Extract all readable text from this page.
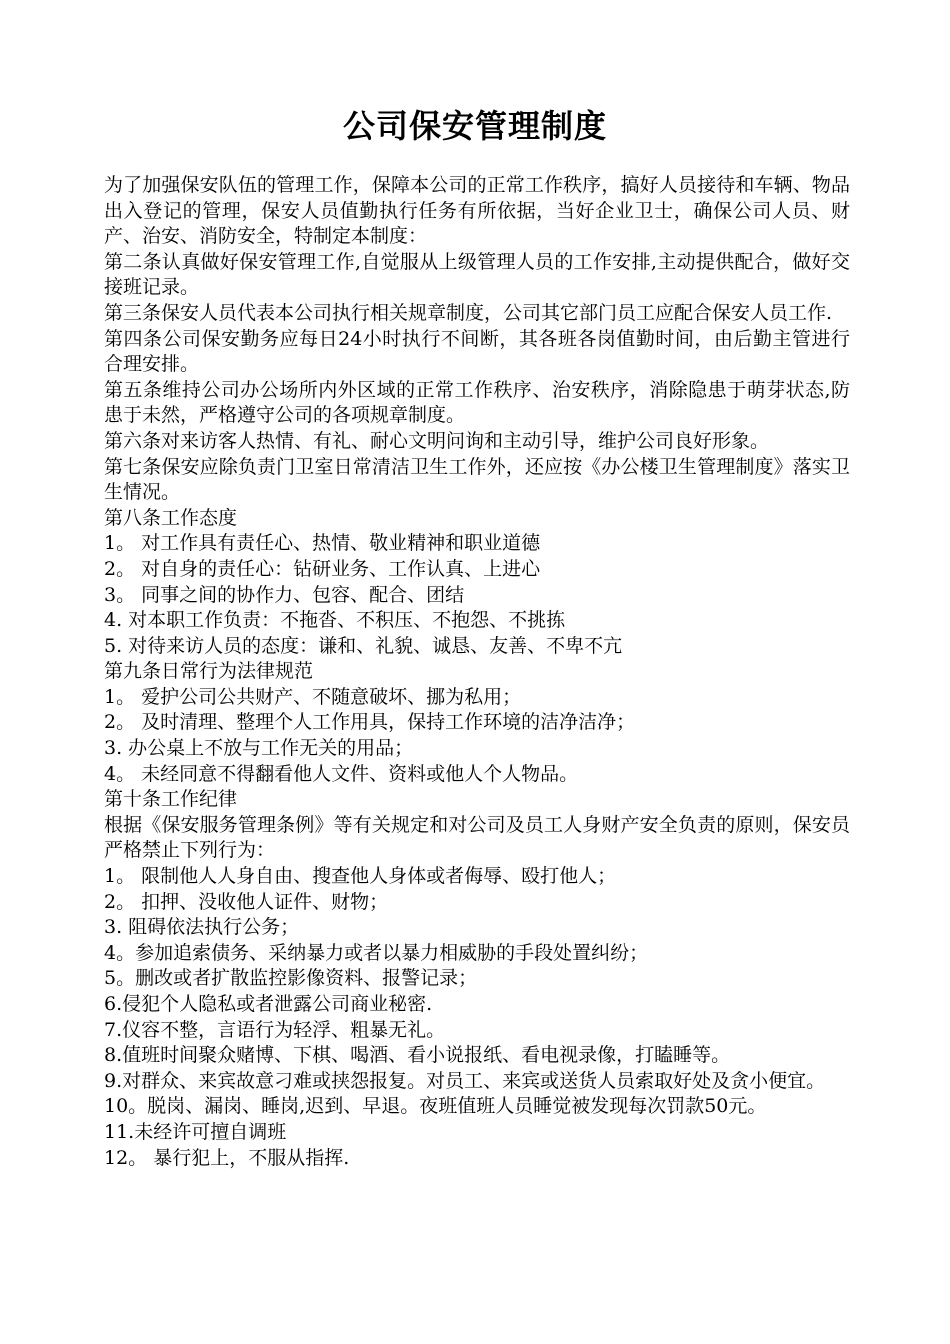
公司保安管理制度

为了加强保安队伍的管理工作，保障本公司的正常工作秩序，搞好人员接待和车辆、物品出入登记的管理，保安人员值勤执行任务有所依据，当好企业卫士，确保公司人员、财产、治安、消防安全，特制定本制度：

第二条认真做好保安管理工作,自觉服从上级管理人员的工作安排,主动提供配合，做好交接班记录。

第三条保安人员代表本公司执行相关规章制度，公司其它部门员工应配合保安人员工作.

第四条公司保安勤务应每日24小时执行不间断，其各班各岗值勤时间，由后勤主管进行合理安排。

第五条维持公司办公场所内外区域的正常工作秩序、治安秩序，消除隐患于萌芽状态,防患于未然，严格遵守公司的各项规章制度。

第六条对来访客人热情、有礼、耐心文明问询和主动引导，维护公司良好形象。

第七条保安应除负责门卫室日常清洁卫生工作外，还应按《办公楼卫生管理制度》落实卫生情况。

第八条工作态度

1。 对工作具有责任心、热情、敬业精神和职业道德

2。 对自身的责任心：钻研业务、工作认真、上进心

3。 同事之间的协作力、包容、配合、团结

4. 对本职工作负责：不拖沓、不积压、不抱怨、不挑拣

5. 对待来访人员的态度：谦和、礼貌、诚恳、友善、不卑不亢

第九条日常行为法律规范

1。 爱护公司公共财产、不随意破坏、挪为私用；

2。 及时清理、整理个人工作用具，保持工作环境的洁净洁净；

3. 办公桌上不放与工作无关的用品；

4。 未经同意不得翻看他人文件、资料或他人个人物品。

第十条工作纪律

根据《保安服务管理条例》等有关规定和对公司及员工人身财产安全负责的原则，保安员严格禁止下列行为：

1。 限制他人人身自由、搜查他人身体或者侮辱、殴打他人；

2。 扣押、没收他人证件、财物；

3. 阻碍依法执行公务；

4。参加追索债务、采纳暴力或者以暴力相威胁的手段处置纠纷；

5。删改或者扩散监控影像资料、报警记录；

6.侵犯个人隐私或者泄露公司商业秘密.

7.仪容不整，言语行为轻浮、粗暴无礼。

8.值班时间聚众赌博、下棋、喝酒、看小说报纸、看电视录像，打瞌睡等。

9.对群众、来宾故意刁难或挟怨报复。对员工、来宾或送货人员索取好处及贪小便宜。

10。脱岗、漏岗、睡岗,迟到、早退。夜班值班人员睡觉被发现每次罚款50元。

11.未经许可擅自调班

12。 暴行犯上，不服从指挥.
